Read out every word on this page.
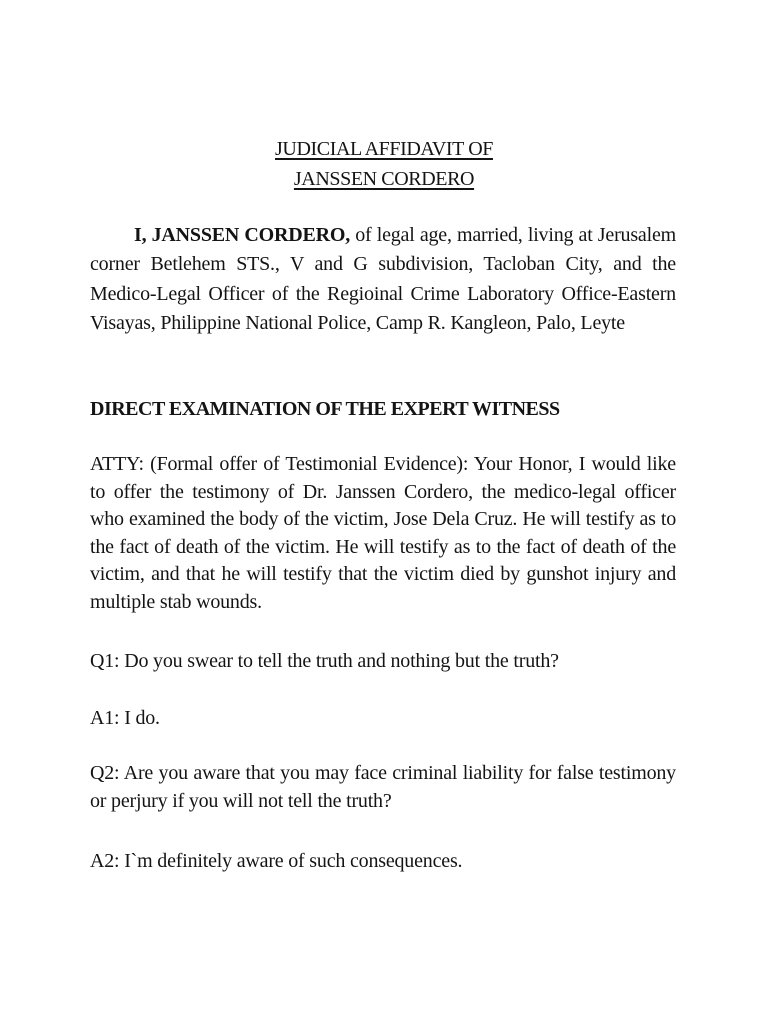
JUDICIAL AFFIDAVIT OF
JANSSEN CORDERO

I, JANSSEN CORDERO, of legal age, married, living at Jerusalem corner Betlehem STS., V and G subdivision, Tacloban City, and the Medico-Legal Officer of the Regioinal Crime Laboratory Office-Eastern Visayas, Philippine National Police, Camp R. Kangleon, Palo, Leyte

DIRECT EXAMINATION OF THE EXPERT WITNESS

ATTY: (Formal offer of Testimonial Evidence): Your Honor, I would like to offer the testimony of Dr. Janssen Cordero, the medico-legal officer who examined the body of the victim, Jose Dela Cruz. He will testify as to the fact of death of the victim. He will testify as to the fact of death of the victim, and that he will testify that the victim died by gunshot injury and multiple stab wounds.

Q1: Do you swear to tell the truth and nothing but the truth?

A1: I do.

Q2: Are you aware that you may face criminal liability for false testimony or perjury if you will not tell the truth?

A2: I`m definitely aware of such consequences.
